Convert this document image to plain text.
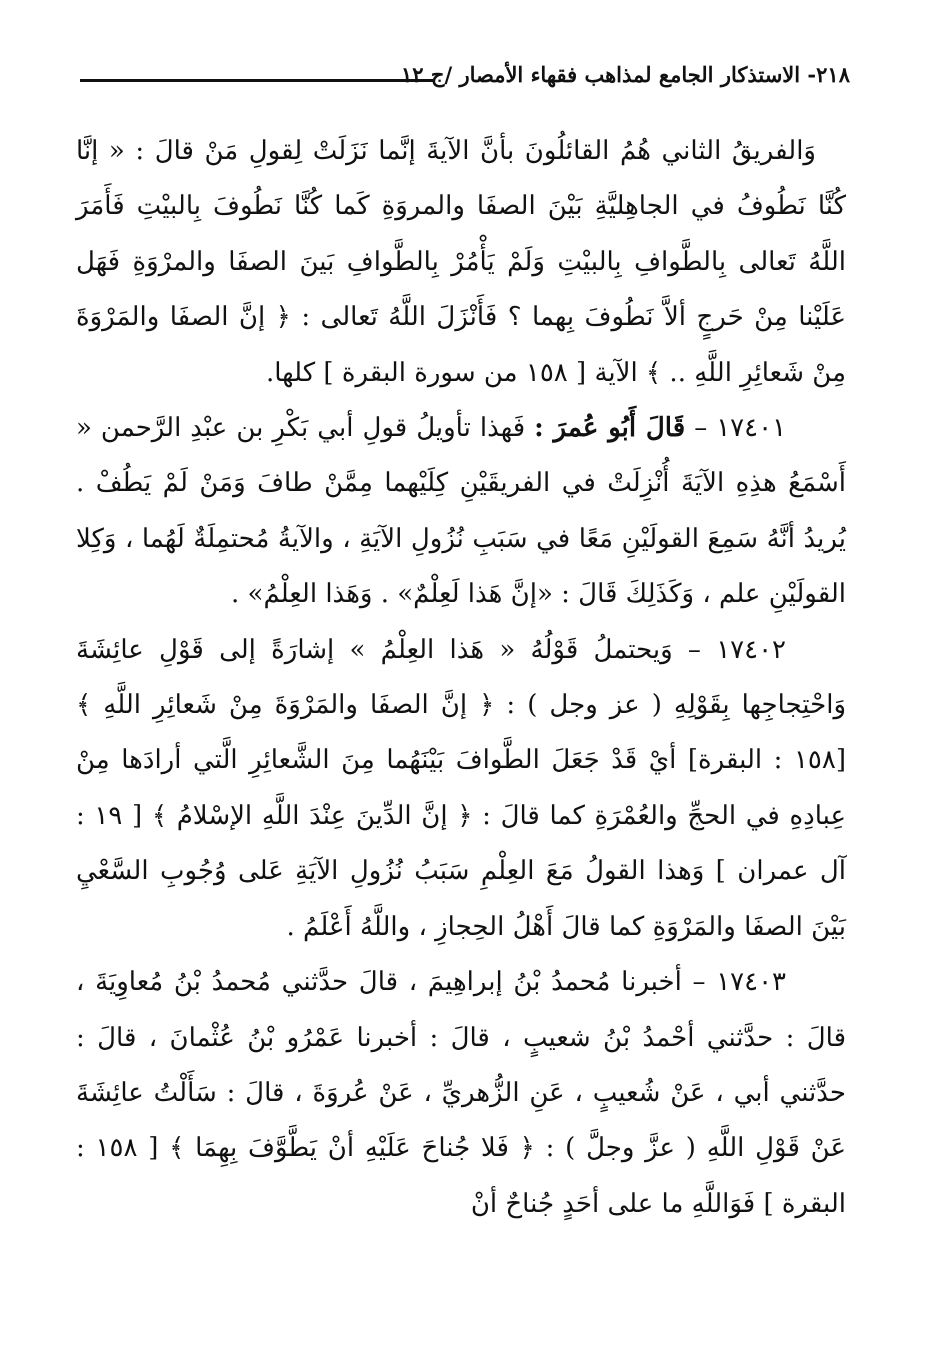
٢١٨- الاستذكار الجامع لمذاهب فقهاء الأمصار /ج ١٢

وَالفريقُ الثاني هُمُ القائلُونَ بأنَّ الآيةَ إنَّما نَزَلَتْ لِقولِ مَنْ قالَ : « إنَّا كُنَّا نَطُوفُ في الجاهِليَّةِ بَيْنَ الصفَا والمروَةِ كَما كُنَّا نَطُوفَ بِالبيْتِ فَأَمَرَ اللَّهُ تَعالى بِالطَّوافِ بِالبيْتِ وَلَمْ يَأْمُرْ بِالطَّوافِ بَينَ الصفَا والمرْوَةِ فَهَل عَلَيْنا مِنْ حَرجٍ ألاَّ نَطُوفَ بِهما ؟ فَأَنْزَلَ اللَّهُ تَعالى : ﴿ إنَّ الصفَا والمَرْوَةَ مِنْ شَعائِرِ اللَّهِ .. ﴾ الآية [ ١٥٨ من سورة البقرة ] كلها.

١٧٤٠١ – قَالَ أَبُو عُمرَ : فَهذا تأويلُ قولِ أبي بَكْرِ بن عبْدِ الرَّحمن « أَسْمَعُ هذِهِ الآيَةَ أُنْزِلَتْ في الفريقَيْنِ كِلَيْهما مِمَّنْ طافَ وَمَنْ لَمْ يَطُفْ . يُريدُ أنَّهُ سَمِعَ القولَيْنِ مَعًا في سَبَبِ نُزُولِ الآيَةِ ، والآيةُ مُحتمِلَةٌ لَهُما ، وَكِلا القولَيْنِ علم ، وَكَذَلِكَ قَالَ : «إنَّ هَذا لَعِلْمٌ» . وَهَذا العِلْمُ» .

١٧٤٠٢ – وَيحتملُ قَوْلُهُ « هَذا العِلْمُ » إشارَةً إلى قَوْلِ عائِشَةَ وَاحْتِجاجِها بِقَوْلِهِ ( عز وجل ) : ﴿ إنَّ الصفَا والمَرْوَةَ مِنْ شَعائِرِ اللَّهِ ﴾ [١٥٨ : البقرة] أيْ قَدْ جَعَلَ الطَّوافَ بَيْنَهُما مِنَ الشَّعائِرِ الَّتي أرادَها مِنْ عِبادِهِ في الحجِّ والعُمْرَةِ كما قالَ : ﴿ إنَّ الدِّينَ عِنْدَ اللَّهِ الإسْلامُ ﴾ [ ١٩ : آل عمران ] وَهذا القولُ مَعَ العِلْمِ سَبَبُ نُزُولِ الآيَةِ عَلى وُجُوبِ السَّعْيِ بَيْنَ الصفَا والمَرْوَةِ كما قالَ أَهْلُ الحِجازِ ، واللَّهُ أَعْلَمُ .

١٧٤٠٣ – أخبرنا مُحمدُ بْنُ إبراهِيمَ ، قالَ حدَّثني مُحمدُ بْنُ مُعاوِيَةَ ، قالَ : حدَّثني أحْمدُ بْنُ شعيبٍ ، قالَ : أخبرنا عَمْرُو بْنُ عُثْمانَ ، قالَ : حدَّثني أبي ، عَنْ شُعيبٍ ، عَنِ الزُّهريِّ ، عَنْ عُروَةَ ، قالَ : سَأَلْتُ عائِشَةَ عَنْ قَوْلِ اللَّهِ ( عزَّ وجلَّ ) : ﴿ فَلا جُناحَ عَلَيْهِ أنْ يَطَّوَّفَ بِهِمَا ﴾ [ ١٥٨ : البقرة ] فَوَاللَّهِ ما على أحَدٍ جُناحٌ أنْ
